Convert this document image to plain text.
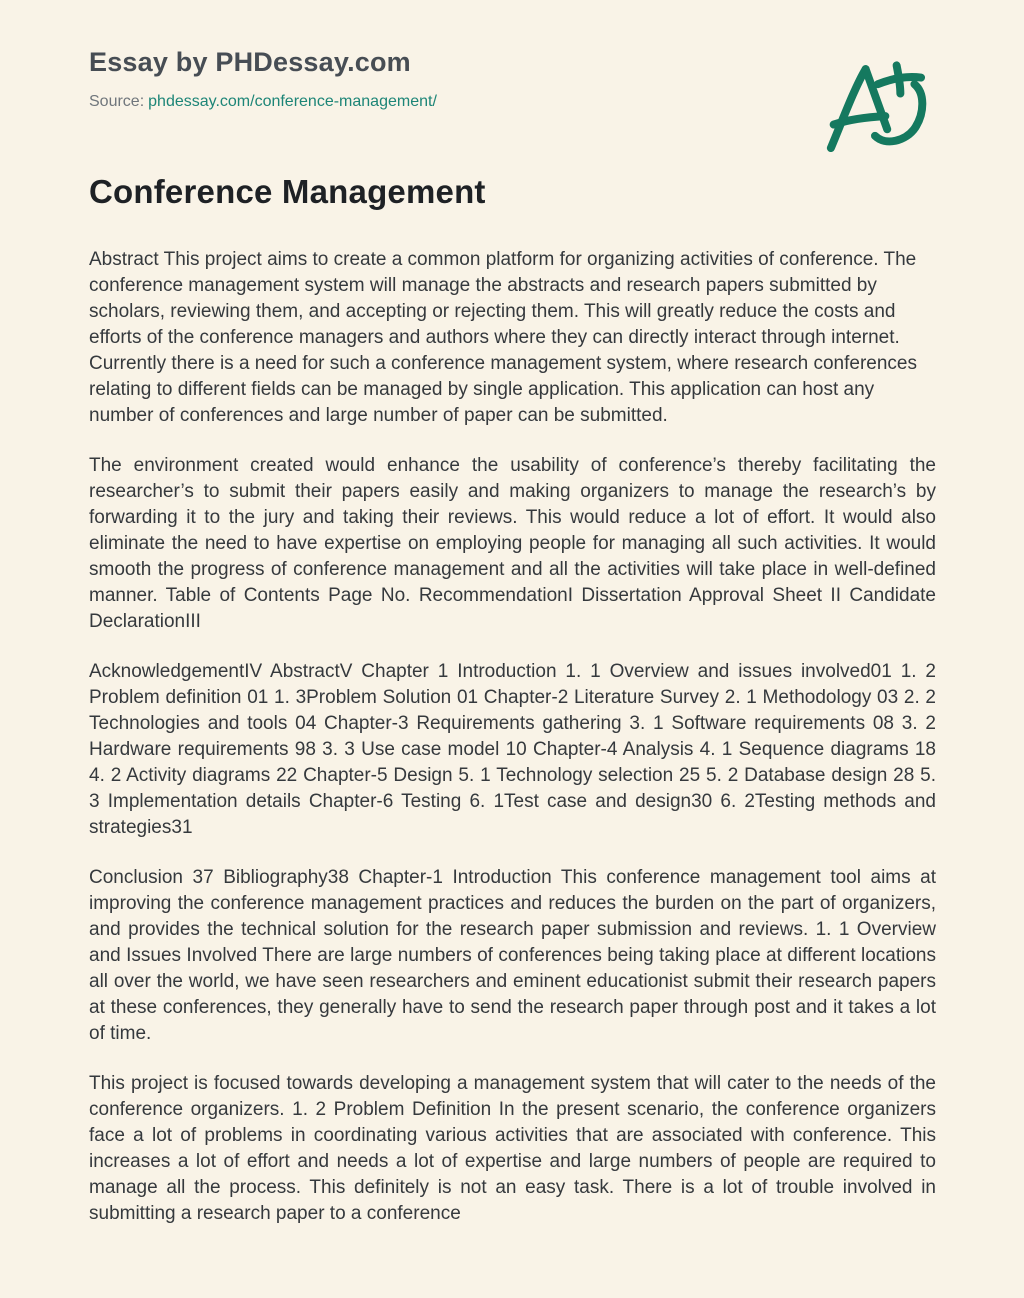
Essay by PHDessay.com
Source: phdessay.com/conference-management/
Conference Management

Abstract This project aims to create a common platform for organizing activities of conference. The conference management system will manage the abstracts and research papers submitted by scholars, reviewing them, and accepting or rejecting them. This will greatly reduce the costs and efforts of the conference managers and authors where they can directly interact through internet. Currently there is a need for such a conference management system, where research conferences relating to different fields can be managed by single application. This application can host any number of conferences and large number of paper can be submitted.

The environment created would enhance the usability of conference’s thereby facilitating the researcher’s to submit their papers easily and making organizers to manage the research’s by forwarding it to the jury and taking their reviews. This would reduce a lot of effort. It would also eliminate the need to have expertise on employing people for managing all such activities. It would smooth the progress of conference management and all the activities will take place in well-defined manner. Table of Contents Page No. RecommendationI Dissertation Approval Sheet II Candidate DeclarationIII

AcknowledgementIV AbstractV Chapter 1 Introduction 1. 1 Overview and issues involved01 1. 2 Problem definition 01 1. 3Problem Solution 01 Chapter-2 Literature Survey 2. 1 Methodology 03 2. 2 Technologies and tools 04 Chapter-3 Requirements gathering 3. 1 Software requirements 08 3. 2 Hardware requirements 98 3. 3 Use case model 10 Chapter-4 Analysis 4. 1 Sequence diagrams 18 4. 2 Activity diagrams 22 Chapter-5 Design 5. 1 Technology selection 25 5. 2 Database design 28 5. 3 Implementation details Chapter-6 Testing 6. 1Test case and design30 6. 2Testing methods and strategies31

Conclusion 37 Bibliography38 Chapter-1 Introduction This conference management tool aims at improving the conference management practices and reduces the burden on the part of organizers, and provides the technical solution for the research paper submission and reviews. 1. 1 Overview and Issues Involved There are large numbers of conferences being taking place at different locations all over the world, we have seen researchers and eminent educationist submit their research papers at these conferences, they generally have to send the research paper through post and it takes a lot of time.

This project is focused towards developing a management system that will cater to the needs of the conference organizers. 1. 2 Problem Definition In the present scenario, the conference organizers face a lot of problems in coordinating various activities that are associated with conference. This increases a lot of effort and needs a lot of expertise and large numbers of people are required to manage all the process. This definitely is not an easy task. There is a lot of trouble involved in submitting a research paper to a conference
